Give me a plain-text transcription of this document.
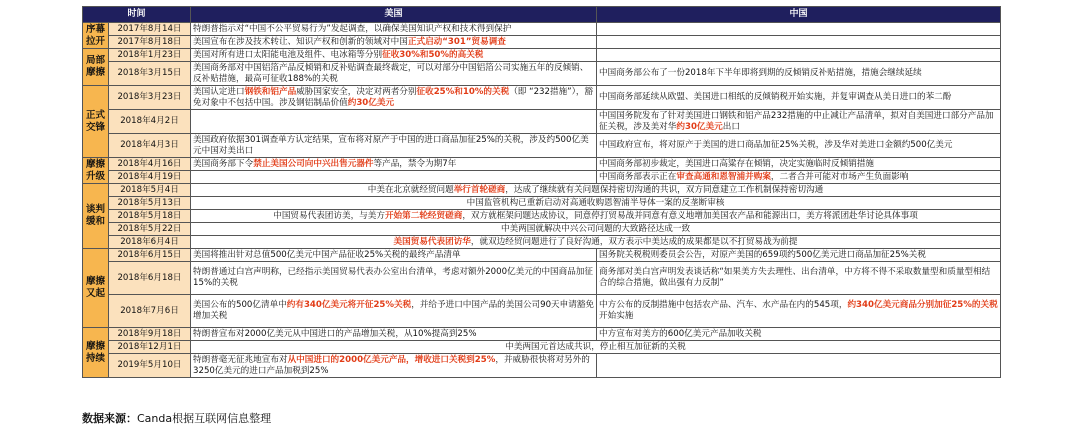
时间		美国	中国
序幕拉开	2017年8月14日	特朗普指示对“中国不公平贸易行为”发起调查，以确保美国知识产权和技术得到保护	
	2017年8月18日	美国宣布在涉及技术转让、知识产权和创新的领域对中国正式启动“301”贸易调查	
局部摩擦	2018年1月23日	美国对所有进口太阳能电池及组件、电冰箱等分别征收30%和50%的高关税	
	2018年3月15日	美国商务部对中国铝箔产品反倾销和反补贴调查最终裁定，可以对部分中国铝箔公司实施五年的反倾销、反补贴措施，最高可征收188%的关税	中国商务部公布了一份2018年下半年即将到期的反倾销反补贴措施，措施会继续延续
正式交锋	2018年3月23日	美国认定进口钢铁和铝产品威胁国家安全，决定对两者分别征收25%和10%的关税（即 “232措施”），豁免对象中不包括中国。涉及钢铝制品价值约30亿美元	中国商务部延续从欧盟、美国进口相纸的反倾销税开始实施，并复审调查从美日进口的苯二酚
	2018年4月2日		中国国务院发布了针对美国进口钢铁和铝产品232措施的中止减让产品清单，拟对自美国进口部分产品加征关税，涉及美对华约30亿美元出口
	2018年4月3日	美国政府依据301调查单方认定结果，宣布将对原产于中国的进口商品加征25%的关税，涉及约500亿美元中国对美出口	中国政府宣布，将对原产于美国的进口商品加征25%关税，涉及华对美进口金额约500亿美元
摩擦升级	2018年4月16日	美国商务部下令禁止美国公司向中兴出售元器件等产品，禁令为期7年	中国商务部初步裁定，美国进口高粱存在倾销，决定实施临时反倾销措施
	2018年4月19日		中国商务部表示正在审查高通和恩智浦并购案，二者合并可能对市场产生负面影响
谈判缓和	2018年5月4日	中美在北京就经贸问题举行首轮磋商，达成了继续就有关问题保持密切沟通的共识，双方同意建立工作机制保持密切沟通	
	2018年5月13日	中国监管机构已重新启动对高通收购恩智浦半导体一案的反垄断审核	
	2018年5月18日	中国贸易代表团访美，与美方开始第二轮经贸磋商，双方就框架问题达成协议，同意停打贸易战并同意有意义地增加美国农产品和能源出口，美方将派团赴华讨论具体事项	
	2018年5月22日	中美两国就解决中兴公司问题的大致路径达成一致	
	2018年6月4日	美国贸易代表团访华，就双边经贸问题进行了良好沟通，双方表示中美达成的成果都是以不打贸易战为前提	
摩擦又起	2018年6月15日	美国将推出针对总值500亿美元中国产品征收25%关税的最终产品清单	国务院关税税则委员会公告，对原产美国的659项约500亿美元进口商品加征25%关税
	2018年6月18日	特朗普通过白宫声明称，已经指示美国贸易代表办公室出台清单，考虑对额外2000亿美元的中国商品加征15%的关税	商务部对美白宫声明发表谈话称“如果美方失去理性、出台清单，中方将不得不采取数量型和质量型相结合的综合措施，做出强有力反制”
	2018年7月6日	美国公布的500亿清单中约有340亿美元将开征25%关税，并给予进口中国产品的美国公司90天申请豁免增加关税	中方公布的反制措施中包括农产品、汽车、水产品在内的545项，约340亿美元商品分别加征25%的关税开始实施
摩擦持续	2018年9月18日	特朗普宣布对2000亿美元从中国进口的产品增加关税，从10%提高到25%	中方宣布对美方的600亿美元产品加收关税
	2018年12月1日	中美两国元首达成共识，停止相互加征新的关税	
	2019年5月10日	特朗普毫无征兆地宣布对从中国进口的2000亿美元产品，增收进口关税到25%，并威胁很快将对另外的3250亿美元的进口产品加税到25%	
数据来源：Canda根据互联网信息整理
